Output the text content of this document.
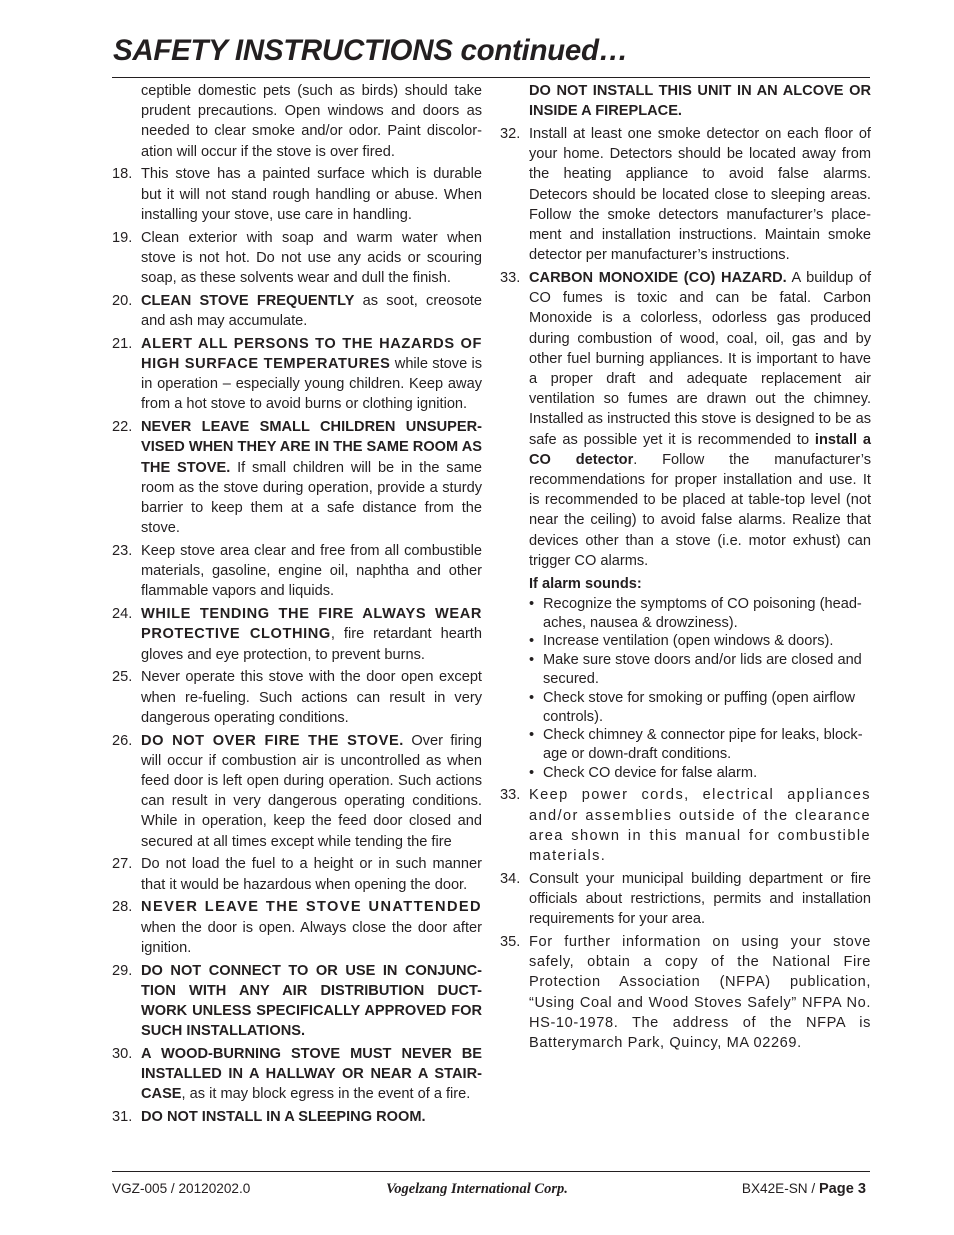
SAFETY INSTRUCTIONS continued…
ceptible domestic pets (such as birds) should take prudent precautions. Open windows and doors as needed to clear smoke and/or odor. Paint discolor-ation will occur if the stove is over fired.
18. This stove has a painted surface which is durable but it will not stand rough handling or abuse. When installing your stove, use care in handling.
19. Clean exterior with soap and warm water when stove is not hot. Do not use any acids or scouring soap, as these solvents wear and dull the finish.
20. CLEAN STOVE FREQUENTLY as soot, creosote and ash may accumulate.
21. ALERT ALL PERSONS TO THE HAZARDS OF HIGH SURFACE TEMPERATURES while stove is in operation – especially young children. Keep away from a hot stove to avoid burns or clothing ignition.
22. NEVER LEAVE SMALL CHILDREN UNSUPER-VISED WHEN THEY ARE IN THE SAME ROOM AS THE STOVE. If small children will be in the same room as the stove during operation, provide a sturdy barrier to keep them at a safe distance from the stove.
23. Keep stove area clear and free from all combustible materials, gasoline, engine oil, naphtha and other flammable vapors and liquids.
24. WHILE TENDING THE FIRE ALWAYS WEAR PROTECTIVE CLOTHING, fire retardant hearth gloves and eye protection, to prevent burns.
25. Never operate this stove with the door open except when re-fueling. Such actions can result in very dangerous operating conditions.
26. DO NOT OVER FIRE THE STOVE. Over firing will occur if combustion air is uncontrolled as when feed door is left open during operation. Such actions can result in very dangerous operating conditions. While in operation, keep the feed door closed and secured at all times except while tending the fire
27. Do not load the fuel to a height or in such manner that it would be hazardous when opening the door.
28. NEVER LEAVE THE STOVE UNATTENDED when the door is open. Always close the door after ignition.
29. DO NOT CONNECT TO OR USE IN CONJUNC-TION WITH ANY AIR DISTRIBUTION DUCT-WORK UNLESS SPECIFICALLY APPROVED FOR SUCH INSTALLATIONS.
30. A WOOD-BURNING STOVE MUST NEVER BE INSTALLED IN A HALLWAY OR NEAR A STAIR-CASE, as it may block egress in the event of a fire.
31. DO NOT INSTALL IN A SLEEPING ROOM.
DO NOT INSTALL THIS UNIT IN AN ALCOVE OR INSIDE A FIREPLACE.
32. Install at least one smoke detector on each floor of your home. Detectors should be located away from the heating appliance to avoid false alarms. Detecors should be located close to sleeping areas. Follow the smoke detectors manufacturer’s place-ment and installation instructions. Maintain smoke detector per manufacturer’s instructions.
33. CARBON MONOXIDE (CO) HAZARD. A buildup of CO fumes is toxic and can be fatal. Carbon Monoxide is a colorless, odorless gas produced during combustion of wood, coal, oil, gas and by other fuel burning appliances. It is important to have a proper draft and adequate replacement air ventilation so fumes are drawn out the chimney. Installed as instructed this stove is designed to be as safe as possible yet it is recommended to install a CO detector. Follow the manufacturer’s recommendations for proper installation and use. It is recommended to be placed at table-top level (not near the ceiling) to avoid false alarms. Realize that devices other than a stove (i.e. motor exhust) can trigger CO alarms.
If alarm sounds:
• Recognize the symptoms of CO poisoning (head-aches, nausea & drowziness).
• Increase ventilation (open windows & doors).
• Make sure stove doors and/or lids are closed and secured.
• Check stove for smoking or puffing (open airflow controls).
• Check chimney & connector pipe for leaks, block-age or down-draft conditions.
• Check CO device for false alarm.
33. Keep power cords, electrical appliances and/or assemblies outside of the clearance area shown in this manual for combustible materials.
34. Consult your municipal building department or fire officials about restrictions, permits and installation requirements for your area.
35. For further information on using your stove safely, obtain a copy of the National Fire Protection Association (NFPA) publication, “Using Coal and Wood Stoves Safely” NFPA No. HS-10-1978. The address of the NFPA is Batterymarch Park, Quincy, MA 02269.
VGZ-005 / 20120202.0	Vogelzang International Corp.	BX42E-SN / Page 3
